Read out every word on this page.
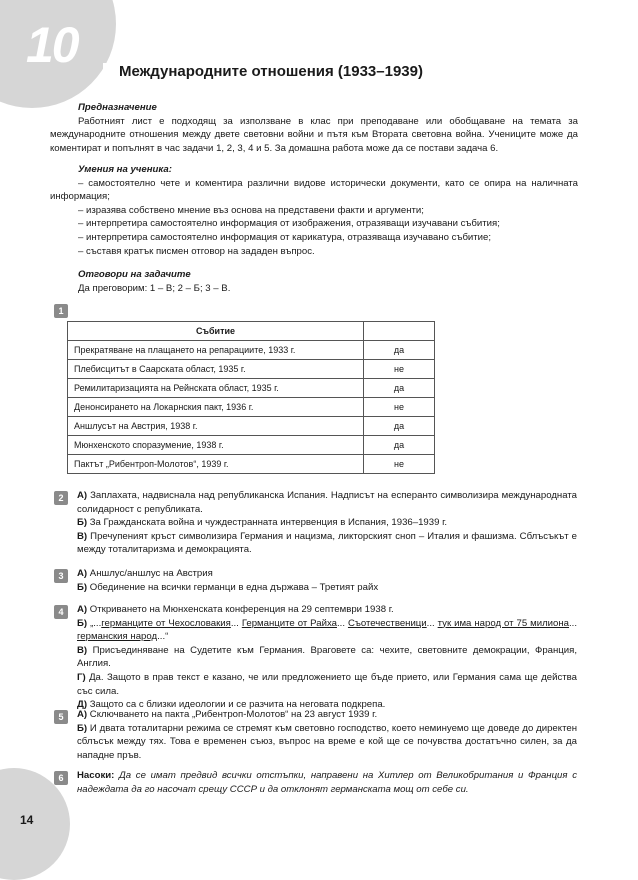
10	Международните отношения (1933–1939)

Предназначение

Работният лист е подходящ за използване в клас при преподаване или обобщаване на темата за международните отношения между двете световни войни и пътя към Втората световна война. Учениците може да коментират и попълнят в час задачи 1, 2, 3, 4 и 5. За домашна работа може да се постави задача 6.

Умения на ученика:

– самостоятелно чете и коментира различни видове исторически документи, като се опира на наличната информация;

– изразява собствено мнение въз основа на представени факти и аргументи;

– интерпретира самостоятелно информация от изображения, отразяващи изучавани събития;

– интерпретира самостоятелно информация от карикатура, отразяваща изучавано събитие;

– съставя кратък писмен отговор на зададен въпрос.

Отговори на задачите

Да преговорим: 1 – В; 2 – Б; 3 – В.

1
Събитие	
Прекратяване на плащането на репарациите, 1933 г.	да
Плебисцитът в Саарската област, 1935 г.	не
Ремилитаризацията на Рейнската област, 1935 г.	да
Денонсирането на Локарнския пакт, 1936 г.	не
Аншлусът на Австрия, 1938 г.	да
Мюнхенското споразумение, 1938 г.	да
Пактът „Рибентроп-Молотов“, 1939 г.	не
2	А) Заплахата, надвиснала над републиканска Испания. Надписът на есперанто символизира международната солидарност с републиката.

Б) За Гражданската война и чуждестранната интервенция в Испания, 1936–1939 г.

В) Пречупеният кръст символизира Германия и нацизма, ликторският сноп – Италия и фашизма. Сблъсъкът е между тоталитаризма и демокрацията.

3	А) Аншлус/аншлус на Австрия

Б) Обединение на всички германци в една държава – Третият райх

4	А) Откриването на Мюнхенската конференция на 29 септември 1938 г.

Б) „...германците от Чехословакия... Германците от Райха... Съотечественици... тук има народ от 75 милиона... германския народ...“

В) Присъединяване на Судетите към Германия. Враговете са: чехите, световните демокрации, Франция, Англия.

Г) Да. Защото в прав текст е казано, че или предложението ще бъде прието, или Германия сама ще действа със сила.

Д) Защото са с близки идеологии и се разчита на неговата подкрепа.

5	А) Сключването на пакта „Рибентроп-Молотов“ на 23 август 1939 г.

Б) И двата тоталитарни режима се стремят към световно господство, което неминуемо ще доведе до директен сблъсък между тях. Това е временен съюз, въпрос на време е кой ще се почувства достатъчно силен, за да нападне пръв.

6	Насоки: Да се имат предвид всички отстъпки, направени на Хитлер от Великобритания и Франция с надеждата да го насочат срещу СССР и да отклонят германската мощ от себе си.

14
